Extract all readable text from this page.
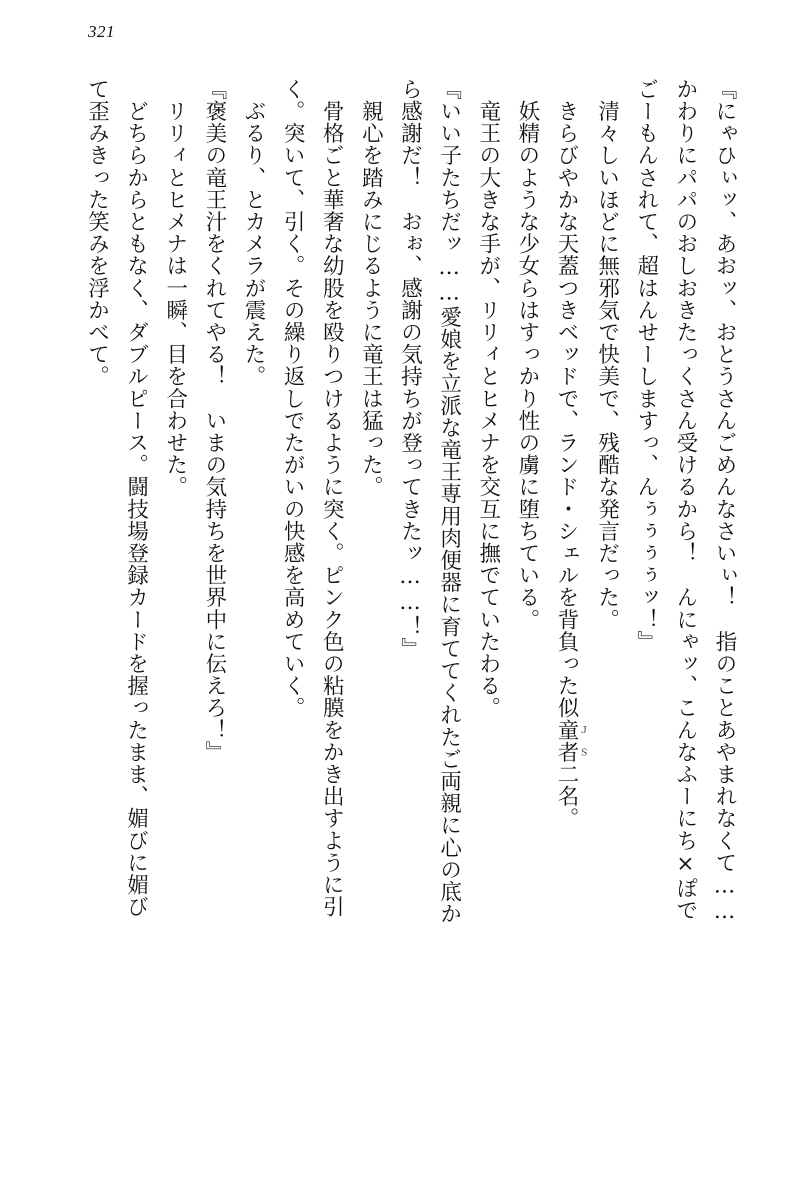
321

『にゃひぃッ、あおッ、おとうさんごめんなさいぃ！　指のことあやまれなくて……
かわりにパパのおしおきたっくさん受けるから！　んにゃッ、こんなふーにち×ぽで
ごーもんされて、超はんせーしますっ、んぅぅぅぅッ！』
　清々しいほどに無邪気で快美で、残酷な発言だった。
　きらびやかな天蓋つきベッドで、ランド・シェルを背負った似童者ＪＳ二名。
　妖精のような少女らはすっかり性の虜に堕ちている。
　竜王の大きな手が、リリィとヒメナを交互に撫でていたわる。
『いい子たちだッ……愛娘を立派な竜王専用肉便器に育ててくれたご両親に心の底か
ら感謝だ！　おぉ、感謝の気持ちが登ってきたッ……！』
　親心を踏みにじるように竜王は猛った。
　骨格ごと華奢な幼股を殴りつけるように突く。ピンク色の粘膜をかき出すように引
く。突いて、引く。その繰り返しでたがいの快感を高めていく。
　ぶるり、とカメラが震えた。
『褒美の竜王汁をくれてやる！　いまの気持ちを世界中に伝えろ！』
　リリィとヒメナは一瞬、目を合わせた。
　どちらからともなく、ダブルピース。闘技場登録カードを握ったまま、媚びに媚び
て歪みきった笑みを浮かべて。
